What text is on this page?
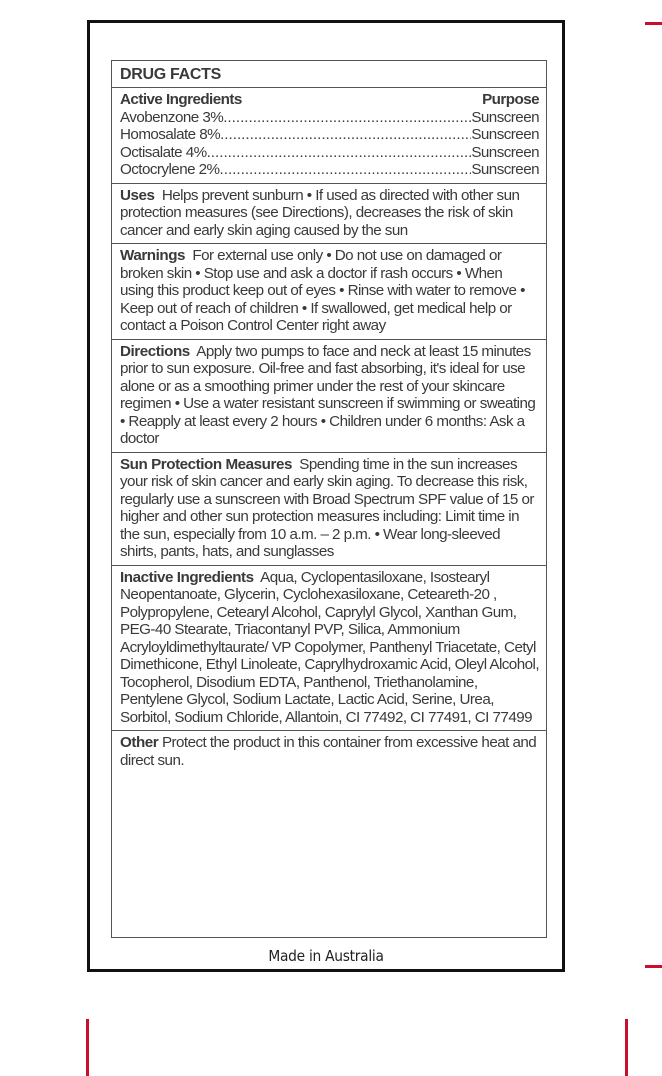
DRUG FACTS
Active Ingredients	Purpose
Avobenzone 3% .....	Sunscreen
Homosalate 8% .....	Sunscreen
Octisalate 4% .....	Sunscreen
Octocrylene 2% .....	Sunscreen
Uses Helps prevent sunburn • If used as directed with other sun protection measures (see Directions), decreases the risk of skin cancer and early skin aging caused by the sun
Warnings For external use only • Do not use on damaged or broken skin • Stop use and ask a doctor if rash occurs • When using this product keep out of eyes • Rinse with water to remove • Keep out of reach of children • If swallowed, get medical help or contact a Poison Control Center right away
Directions Apply two pumps to face and neck at least 15 minutes prior to sun exposure. Oil-free and fast absorbing, it's ideal for use alone or as a smoothing primer under the rest of your skincare regimen • Use a water resistant sunscreen if swimming or sweating • Reapply at least every 2 hours • Children under 6 months: Ask a doctor
Sun Protection Measures Spending time in the sun increases your risk of skin cancer and early skin aging. To decrease this risk, regularly use a sunscreen with Broad Spectrum SPF value of 15 or higher and other sun protection measures including: Limit time in the sun, especially from 10 a.m. – 2 p.m. • Wear long-sleeved shirts, pants, hats, and sunglasses
Inactive Ingredients Aqua, Cyclopentasiloxane, Isostearyl Neopentanoate, Glycerin, Cyclohexasiloxane, Ceteareth-20 , Polypropylene, Cetearyl Alcohol, Caprylyl Glycol, Xanthan Gum, PEG-40 Stearate, Triacontanyl PVP, Silica, Ammonium Acryloyldimethyltaurate/ VP Copolymer, Panthenyl Triacetate, Cetyl Dimethicone, Ethyl Linoleate, Caprylhydroxamic Acid, Oleyl Alcohol, Tocopherol, Disodium EDTA, Panthenol, Triethanolamine, Pentylene Glycol, Sodium Lactate, Lactic Acid, Serine, Urea, Sorbitol, Sodium Chloride, Allantoin, CI 77492, CI 77491, CI 77499
Other Protect the product in this container from excessive heat and direct sun.
Made in Australia
